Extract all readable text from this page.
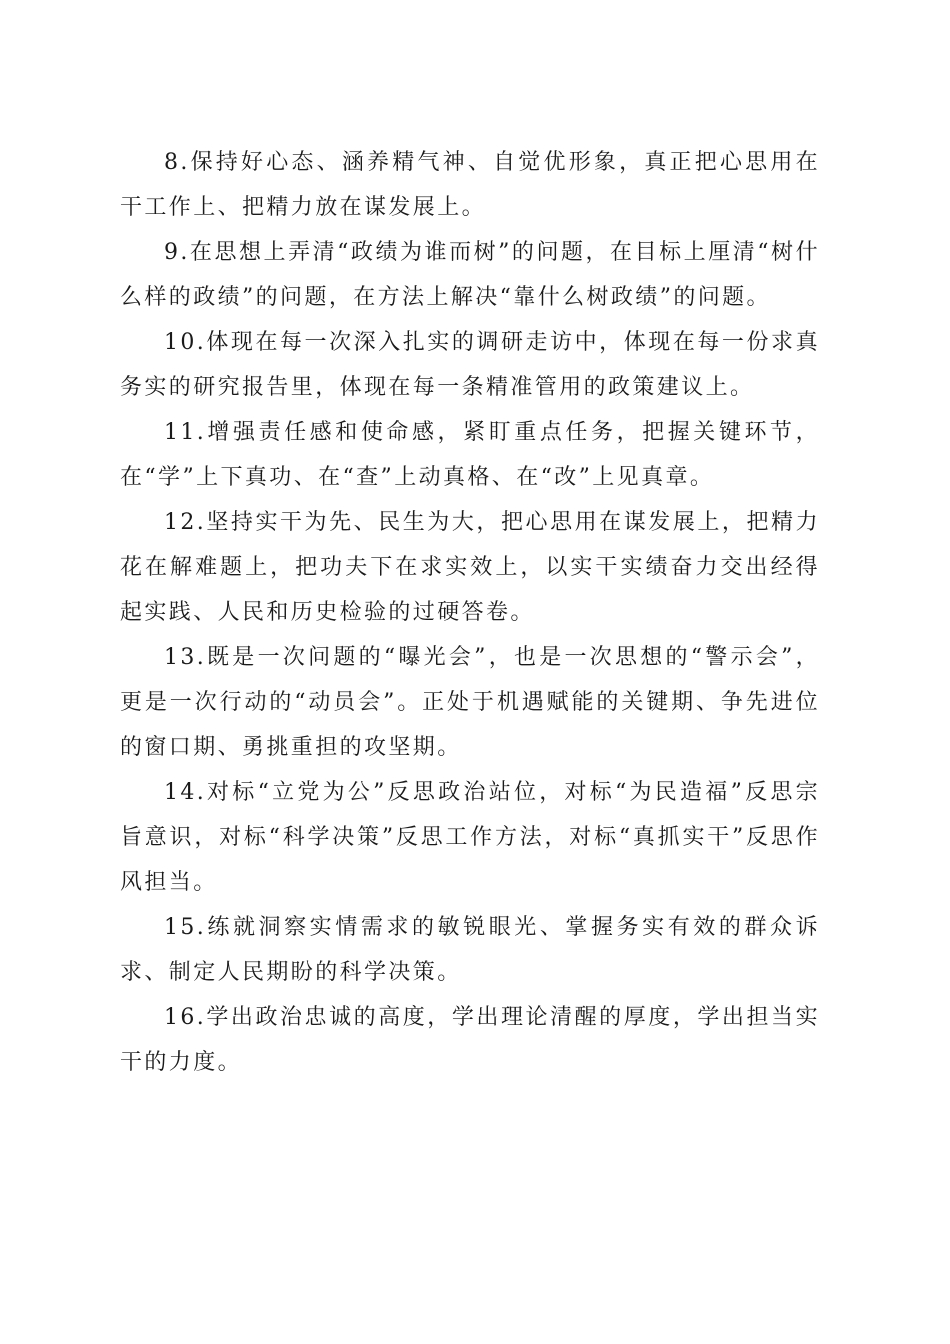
8.保持好心态、涵养精气神、自觉优形象，真正把心思用在干工作上、把精力放在谋发展上。

9.在思想上弄清“政绩为谁而树”的问题，在目标上厘清“树什么样的政绩”的问题，在方法上解决“靠什么树政绩”的问题。

10.体现在每一次深入扎实的调研走访中，体现在每一份求真务实的研究报告里，体现在每一条精准管用的政策建议上。

11.增强责任感和使命感，紧盯重点任务，把握关键环节，在“学”上下真功、在“查”上动真格、在“改”上见真章。

12.坚持实干为先、民生为大，把心思用在谋发展上，把精力花在解难题上，把功夫下在求实效上，以实干实绩奋力交出经得起实践、人民和历史检验的过硬答卷。

13.既是一次问题的“曝光会”，也是一次思想的“警示会”，更是一次行动的“动员会”。正处于机遇赋能的关键期、争先进位的窗口期、勇挑重担的攻坚期。

14.对标“立党为公”反思政治站位，对标“为民造福”反思宗旨意识，对标“科学决策”反思工作方法，对标“真抓实干”反思作风担当。

15.练就洞察实情需求的敏锐眼光、掌握务实有效的群众诉求、制定人民期盼的科学决策。

16.学出政治忠诚的高度，学出理论清醒的厚度，学出担当实干的力度。
